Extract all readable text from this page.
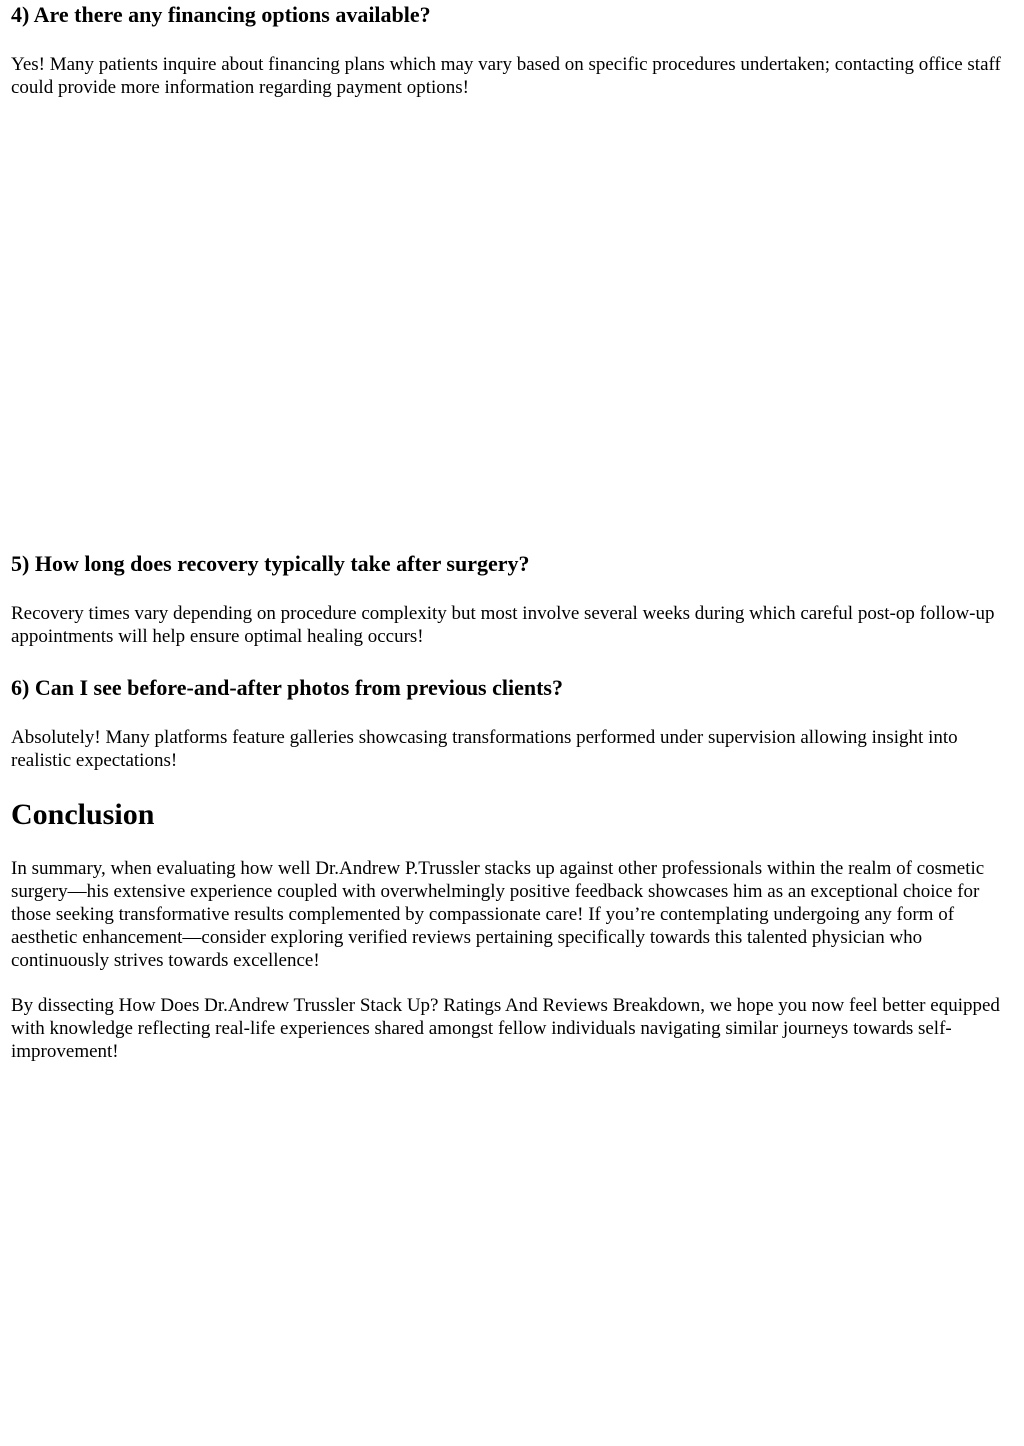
4) Are there any financing options available?

Yes! Many patients inquire about financing plans which may vary based on specific procedures undertaken; contacting office staff could provide more information regarding payment options!

5) How long does recovery typically take after surgery?

Recovery times vary depending on procedure complexity but most involve several weeks during which careful post-op follow-up appointments will help ensure optimal healing occurs!

6) Can I see before-and-after photos from previous clients?

Absolutely! Many platforms feature galleries showcasing transformations performed under supervision allowing insight into realistic expectations!

Conclusion

In summary, when evaluating how well Dr.Andrew P.Trussler stacks up against other professionals within the realm of cosmetic surgery—his extensive experience coupled with overwhelmingly positive feedback showcases him as an exceptional choice for those seeking transformative results complemented by compassionate care! If you’re contemplating undergoing any form of aesthetic enhancement—consider exploring verified reviews pertaining specifically towards this talented physician who continuously strives towards excellence!

By dissecting How Does Dr.Andrew Trussler Stack Up? Ratings And Reviews Breakdown, we hope you now feel better equipped with knowledge reflecting real-life experiences shared amongst fellow individuals navigating similar journeys towards self-improvement!
